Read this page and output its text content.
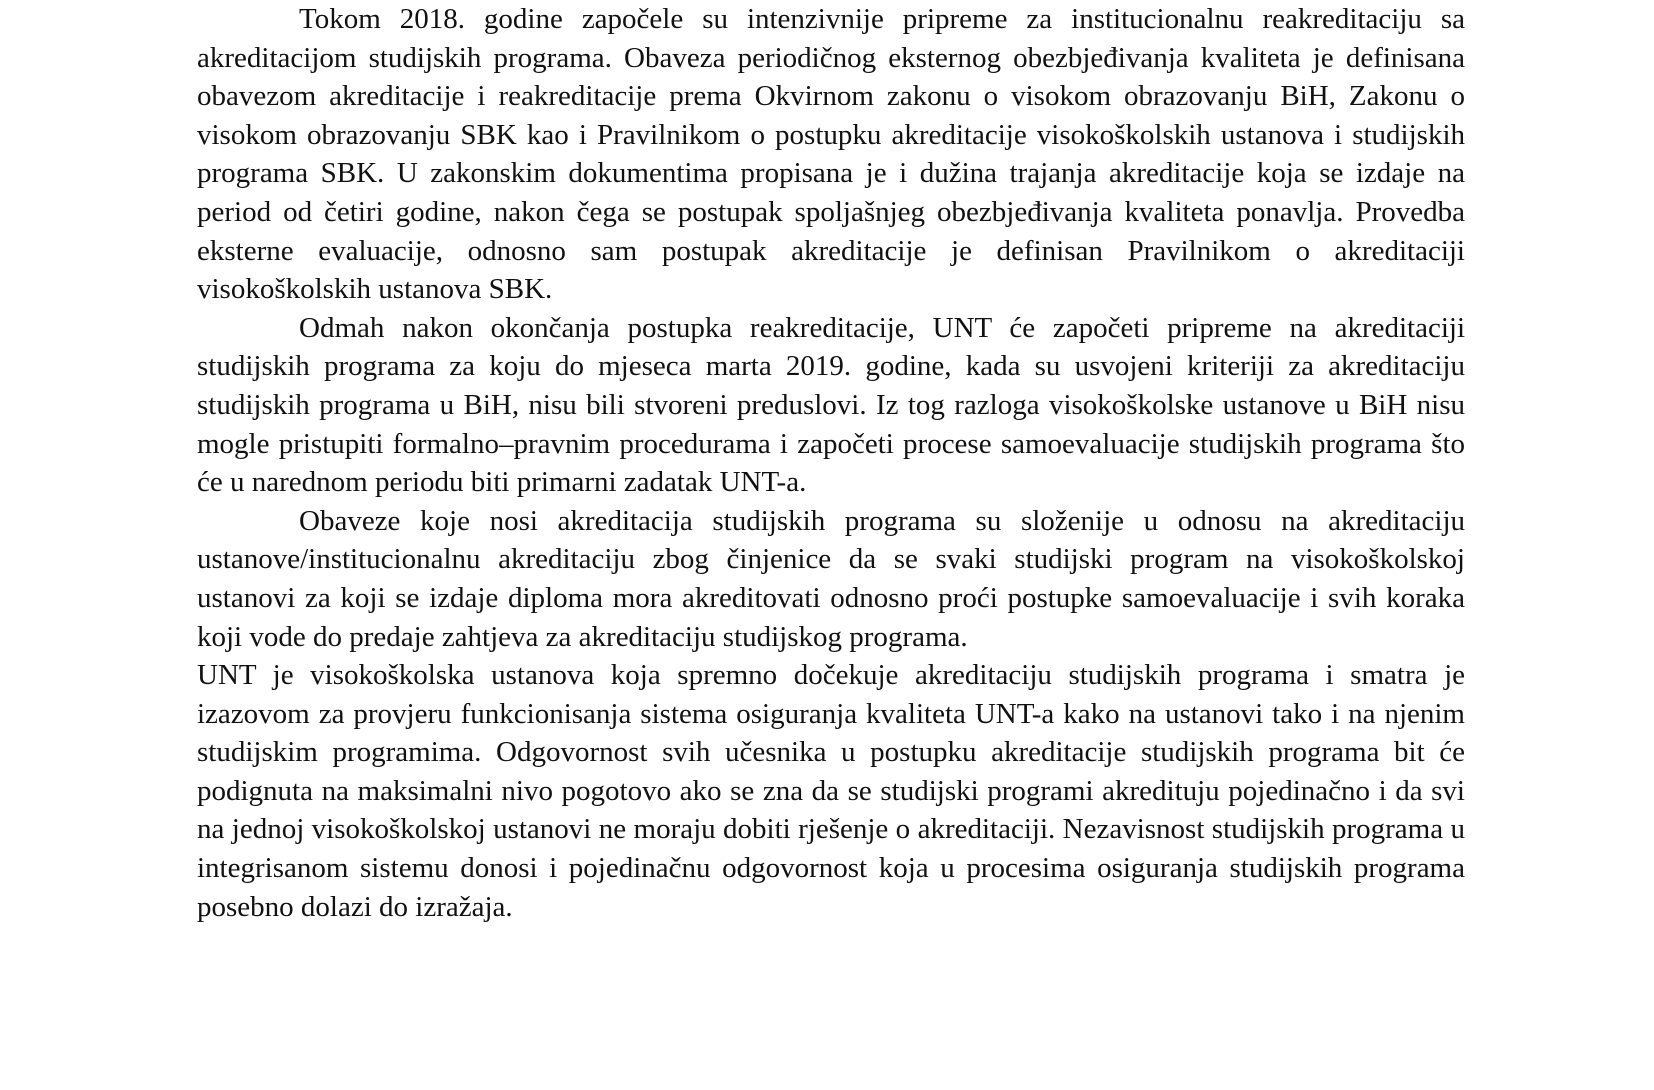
Tokom 2018. godine započele su intenzivnije pripreme za institucionalnu reakreditaciju sa akreditacijom studijskih programa. Obaveza periodičnog eksternog obezbjeđivanja kvaliteta je definisana obavezom akreditacije i reakreditacije prema Okvirnom zakonu o visokom obrazovanju BiH, Zakonu o visokom obrazovanju SBK kao i Pravilnikom o postupku akreditacije visokoškolskih ustanova i studijskih programa SBK. U zakonskim dokumentima propisana je i dužina trajanja akreditacije koja se izdaje na period od četiri godine, nakon čega se postupak spoljašnjeg obezbjeđivanja kvaliteta ponavlja. Provedba eksterne evaluacije, odnosno sam postupak akreditacije je definisan Pravilnikom o akreditaciji visokoškolskih ustanova SBK.

Odmah nakon okončanja postupka reakreditacije, UNT će započeti pripreme na akreditaciji studijskih programa za koju do mjeseca marta 2019. godine, kada su usvojeni kriteriji za akreditaciju studijskih programa u BiH, nisu bili stvoreni preduslovi. Iz tog razloga visokoškolske ustanove u BiH nisu mogle pristupiti formalno–pravnim procedurama i započeti procese samoevaluacije studijskih programa što će u narednom periodu biti primarni zadatak UNT-a.

Obaveze koje nosi akreditacija studijskih programa su složenije u odnosu na akreditaciju ustanove/institucionalnu akreditaciju zbog činjenice da se svaki studijski program na visokoškolskoj ustanovi za koji se izdaje diploma mora akreditovati odnosno proći postupke samoevaluacije i svih koraka koji vode do predaje zahtjeva za akreditaciju studijskog programa.

UNT je visokoškolska ustanova koja spremno dočekuje akreditaciju studijskih programa i smatra je izazovom za provjeru funkcionisanja sistema osiguranja kvaliteta UNT-a kako na ustanovi tako i na njenim studijskim programima. Odgovornost svih učesnika u postupku akreditacije studijskih programa bit će podignuta na maksimalni nivo pogotovo ako se zna da se studijski programi akredituju pojedinačno i da svi na jednoj visokoškolskoj ustanovi ne moraju dobiti rješenje o akreditaciji. Nezavisnost studijskih programa u integrisanom sistemu donosi i pojedinačnu odgovornost koja u procesima osiguranja studijskih programa posebno dolazi do izražaja.
